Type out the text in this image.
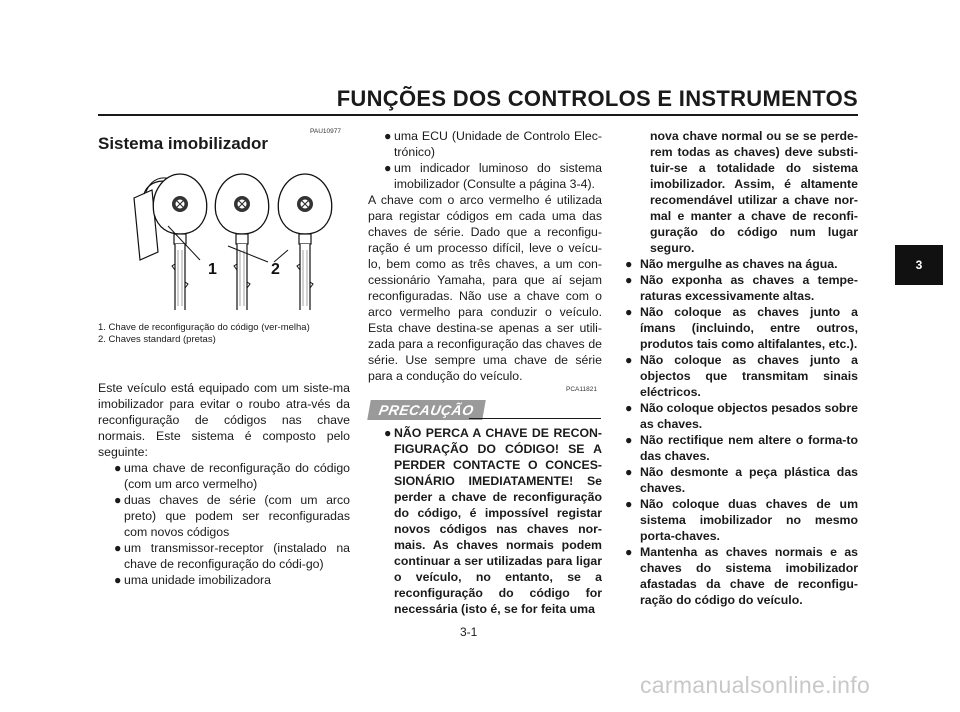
FUNÇÕES DOS CONTROLOS E INSTRUMENTOS
3
PAU10977
Sistema imobilizador
1	2
1. Chave de reconfiguração do código (ver-melha)
2. Chaves standard (pretas)

Este veículo está equipado com um siste-ma imobilizador para evitar o roubo atra-vés da reconfiguração de códigos nas chave normais. Este sistema é composto pelo seguinte:

● uma chave de reconfiguração do código (com um arco vermelho)
● duas chaves de série (com um arco preto) que podem ser reconfiguradas com novos códigos
● um transmissor-receptor (instalado na chave de reconfiguração do códi-go)
● uma unidade imobilizadora
● uma ECU (Unidade de Controlo Elec-trónico)
● um indicador luminoso do sistema imobilizador (Consulte a página 3-4).

A chave com o arco vermelho é utilizada para registar códigos em cada uma das chaves de série. Dado que a reconfigu-ração é um processo difícil, leve o veícu-lo, bem como as três chaves, a um con-cessionário Yamaha, para que aí sejam reconfiguradas. Não use a chave com o arco vermelho para conduzir o veículo. Esta chave destina-se apenas a ser utili-zada para a reconfiguração das chaves de série. Use sempre uma chave de série para a condução do veículo.

PCA11821
PRECAUÇÃO
● NÃO PERCA A CHAVE DE RECON-FIGURAÇÃO DO CÓDIGO! SE A PERDER CONTACTE O CONCES-SIONÁRIO IMEDIATAMENTE! Se perder a chave de reconfiguração do código, é impossível registar novos códigos nas chaves nor-mais. As chaves normais podem continuar a ser utilizadas para ligar o veículo, no entanto, se a reconfiguração do código for necessária (isto é, se for feita uma

nova chave normal ou se se perde-rem todas as chaves) deve substi-tuir-se a totalidade do sistema imobilizador. Assim, é altamente recomendável utilizar a chave nor-mal e manter a chave de reconfi-guração do código num lugar seguro.

● Não mergulhe as chaves na água.
● Não exponha as chaves a tempe-raturas excessivamente altas.
● Não coloque as chaves junto a ímans (incluindo, entre outros, produtos tais como altifalantes, etc.).
● Não coloque as chaves junto a objectos que transmitam sinais eléctricos.
● Não coloque objectos pesados sobre as chaves.
● Não rectifique nem altere o forma-to das chaves.
● Não desmonte a peça plástica das chaves.
● Não coloque duas chaves de um sistema imobilizador no mesmo porta-chaves.
● Mantenha as chaves normais e as chaves do sistema imobilizador afastadas da chave de reconfigu-ração do código do veículo.
3-1
carmanualsonline.info
